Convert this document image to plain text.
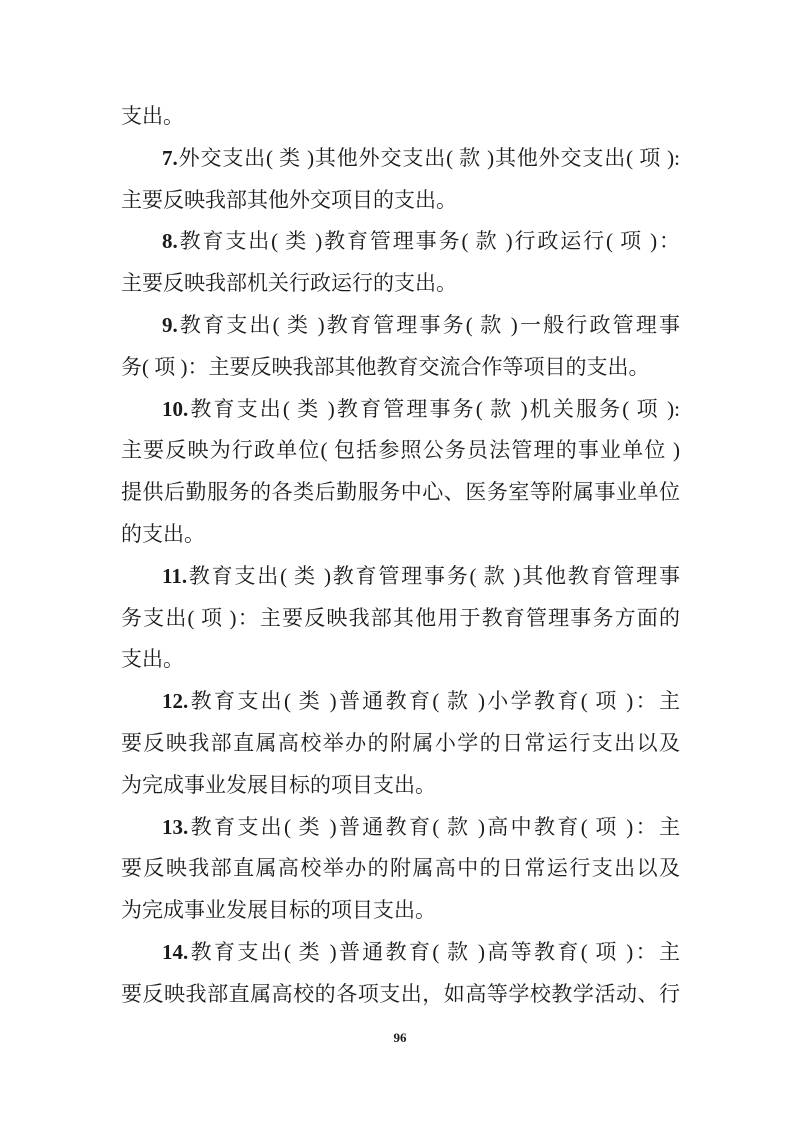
支出。
7.外交支出( 类 )其他外交支出( 款 )其他外交支出( 项 ):
主要反映我部其他外交项目的支出。
8.教育支出( 类 )教育管理事务( 款 )行政运行( 项 )：
主要反映我部机关行政运行的支出。
9.教育支出( 类 )教育管理事务( 款 )一般行政管理事
务( 项 )：主要反映我部其他教育交流合作等项目的支出。
10.教育支出( 类 )教育管理事务( 款 )机关服务( 项 ):
主要反映为行政单位( 包括参照公务员法管理的事业单位 )
提供后勤服务的各类后勤服务中心、医务室等附属事业单位
的支出。
11.教育支出( 类 )教育管理事务( 款 )其他教育管理事
务支出( 项 )：主要反映我部其他用于教育管理事务方面的
支出。
12.教育支出( 类 )普通教育( 款 )小学教育( 项 )：主
要反映我部直属高校举办的附属小学的日常运行支出以及
为完成事业发展目标的项目支出。
13.教育支出( 类 )普通教育( 款 )高中教育( 项 )：主
要反映我部直属高校举办的附属高中的日常运行支出以及
为完成事业发展目标的项目支出。
14.教育支出( 类 )普通教育( 款 )高等教育( 项 )：主
要反映我部直属高校的各项支出，如高等学校教学活动、行
96
